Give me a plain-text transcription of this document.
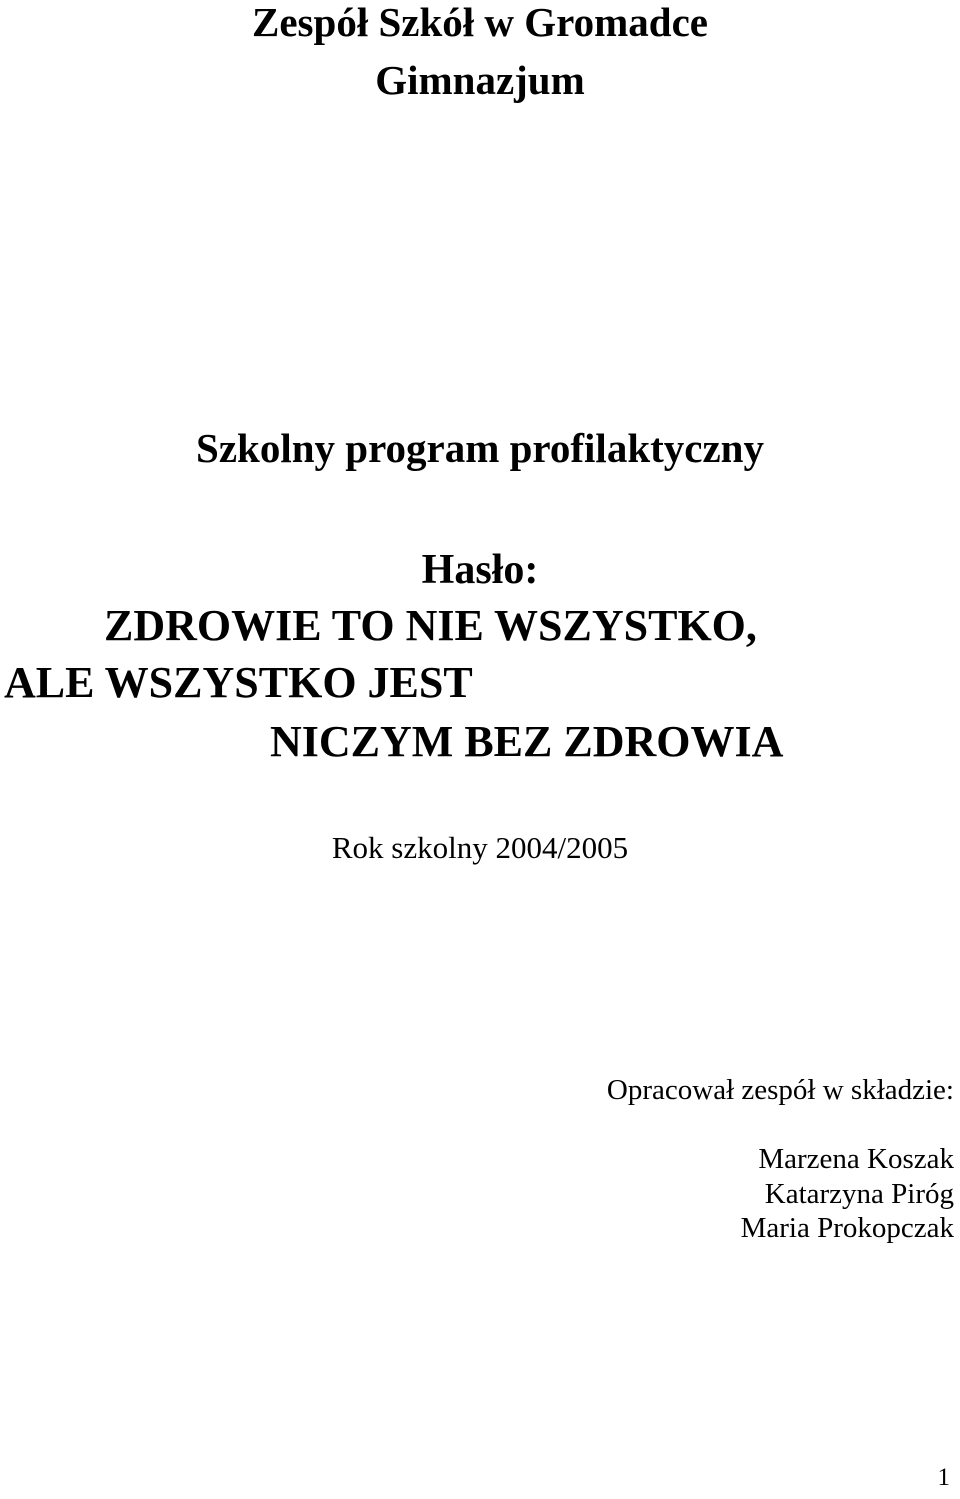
Zespół Szkół w Gromadce
Gimnazjum
Szkolny program profilaktyczny
Hasło:
ZDROWIE TO NIE WSZYSTKO,
ALE WSZYSTKO JEST
NICZYM BEZ ZDROWIA
Rok szkolny 2004/2005
Opracował zespół w składzie:
Marzena Koszak
Katarzyna Piróg
Maria Prokopczak
1
